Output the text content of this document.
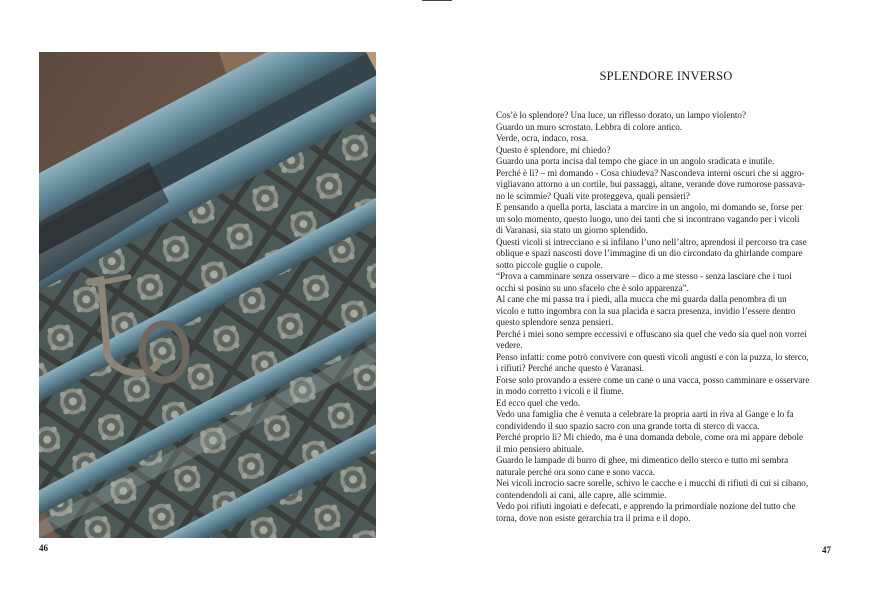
46
SPLENDORE INVERSO
Cos’è lo splendore? Una luce, un riflesso dorato, un lampo violento?
Guardo un muro scrostato. Lebbra di colore antico.
Verde, ocra, indaco, rosa.
Questo è splendore, mi chiedo?
Guardo una porta incisa dal tempo che giace in un angolo sradicata e inutile.
Perché è lì? – mi domando - Cosa chiudeva? Nascondeva interni oscuri che si aggro-
vigliavano attorno a un cortile, bui passaggi, altane, verande dove rumorose passava-
no le scimmie? Quali vite proteggeva, quali pensieri?
E pensando a quella porta, lasciata a marcire in un angolo, mi domando se, forse per
un solo momento, questo luogo, uno dei tanti che si incontrano vagando per i vicoli
di Varanasi, sia stato un giorno splendido.
Questi vicoli si intrecciano e si infilano l’uno nell’altro, aprendosi il percorso tra case
oblique e spazi nascosti dove l’immagine di un dio circondato da ghirlande compare
sotto piccole guglie o cupole.
“Prova a camminare senza osservare – dico a me stesso - senza lasciare che i tuoi
occhi si posino su uno sfacelo che è solo apparenza”.
Al cane che mi passa tra i piedi, alla mucca che mi guarda dalla penombra di un
vicolo e tutto ingombra con la sua placida e sacra presenza, invidio l’essere dentro
questo splendore senza pensieri.
Perché i miei sono sempre eccessivi e offuscano sia quel che vedo sia quel non vorrei
vedere.
Penso infatti: come potrò convivere con questi vicoli angusti e con la puzza, lo sterco,
i rifiuti? Perché anche questo è Varanasi.
Forse solo provando a essere come un cane o una vacca, posso camminare e osservare
in modo corretto i vicoli e il fiume.
Ed ecco quel che vedo.
Vedo una famiglia che è venuta a celebrare la propria aarti in riva al Gange e lo fa
condividendo il suo spazio sacro con una grande torta di sterco di vacca.
Perché proprio lì? Mi chiedo, ma è una domanda debole, come ora mi appare debole
il mio pensiero abituale.
Guardo le lampade di burro di ghee, mi dimentico dello sterco e tutto mi sembra
naturale perché ora sono cane e sono vacca.
Nei vicoli incrocio sacre sorelle, schivo le cacche e i mucchi di rifiuti di cui si cibano,
contendendoli ai cani, alle capre, alle scimmie.
Vedo poi rifiuti ingoiati e defecati, e apprendo la primordiale nozione del tutto che
torna, dove non esiste gerarchia tra il prima e il dopo.
47
